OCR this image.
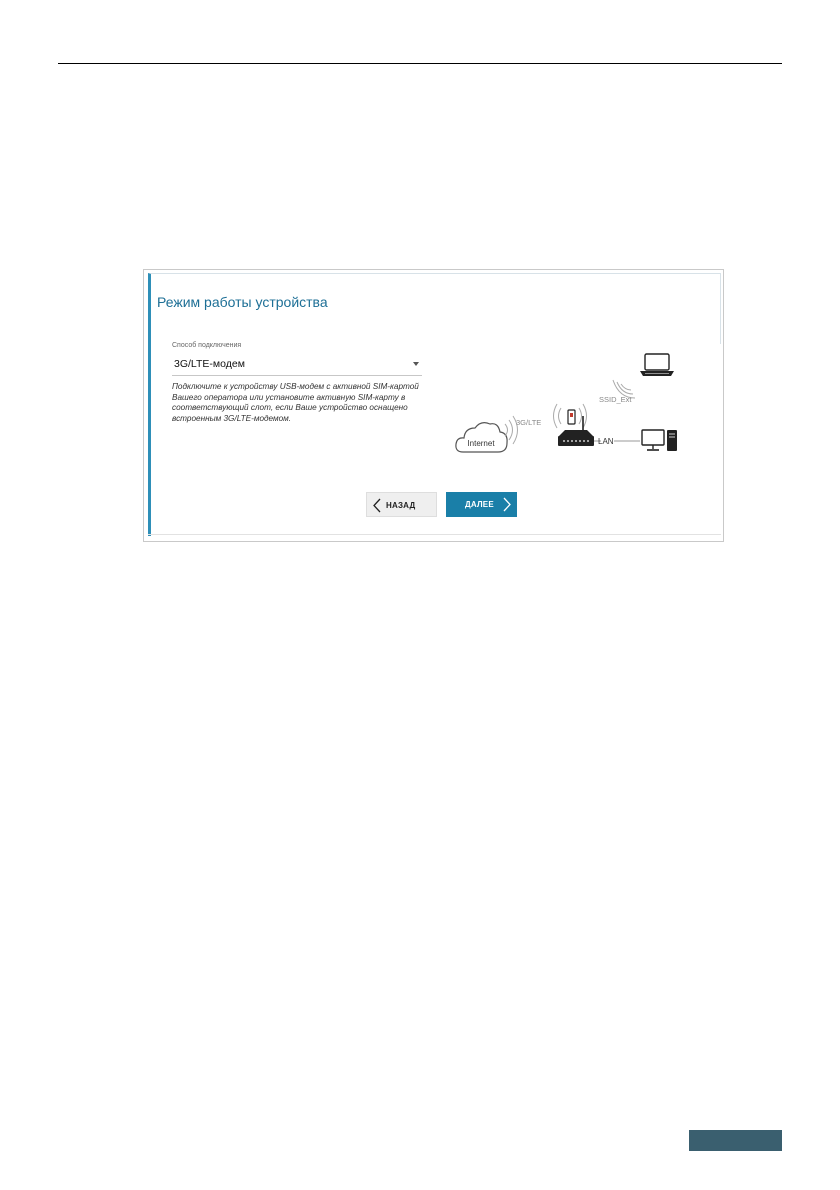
Режим работы устройства
Способ подключения
3G/LTE-модем
Подключите к устройству USB-модем с активной SIM-картой Вашего оператора или установите активную SIM-карту в соответствующий слот, если Ваше устройство оснащено встроенным 3G/LTE-модемом.
Internet
3G/LTE
LAN
SSID_Ext
НАЗАД	ДАЛЕЕ
